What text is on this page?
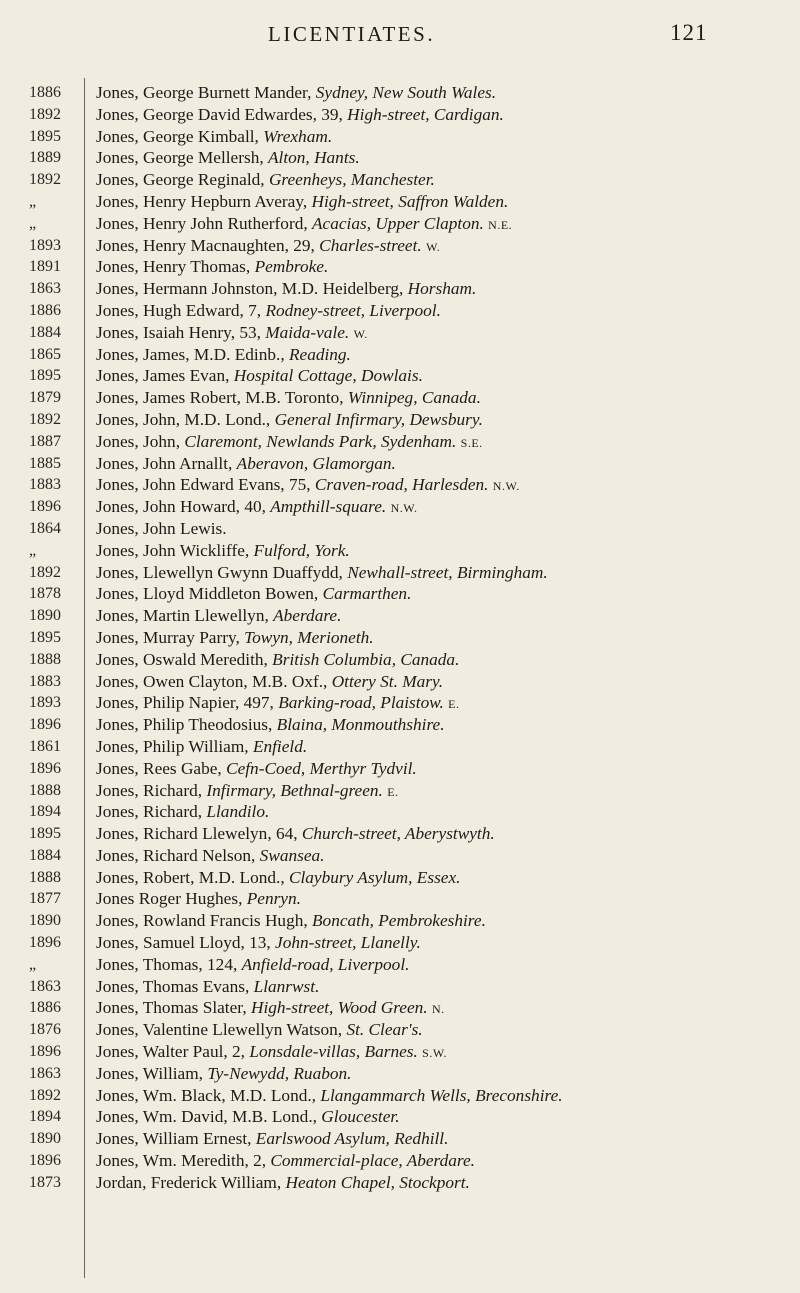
LICENTIATES.	121
1886	Jones, George Burnett Mander, Sydney, New South Wales.
1892	Jones, George David Edwardes, 39, High-street, Cardigan.
1895	Jones, George Kimball, Wrexham.
1889	Jones, George Mellersh, Alton, Hants.
1892	Jones, George Reginald, Greenheys, Manchester.
„	Jones, Henry Hepburn Averay, High-street, Saffron Walden.
„	Jones, Henry John Rutherford, Acacias, Upper Clapton. N.E.
1893	Jones, Henry Macnaughten, 29, Charles-street. W.
1891	Jones, Henry Thomas, Pembroke.
1863	Jones, Hermann Johnston, M.D. Heidelberg, Horsham.
1886	Jones, Hugh Edward, 7, Rodney-street, Liverpool.
1884	Jones, Isaiah Henry, 53, Maida-vale. W.
1865	Jones, James, M.D. Edinb., Reading.
1895	Jones, James Evan, Hospital Cottage, Dowlais.
1879	Jones, James Robert, M.B. Toronto, Winnipeg, Canada.
1892	Jones, John, M.D. Lond., General Infirmary, Dewsbury.
1887	Jones, John, Claremont, Newlands Park, Sydenham. S.E.
1885	Jones, John Arnallt, Aberavon, Glamorgan.
1883	Jones, John Edward Evans, 75, Craven-road, Harlesden. N.W.
1896	Jones, John Howard, 40, Ampthill-square. N.W.
1864	Jones, John Lewis.
„	Jones, John Wickliffe, Fulford, York.
1892	Jones, Llewellyn Gwynn Duaffydd, Newhall-street, Birmingham.
1878	Jones, Lloyd Middleton Bowen, Carmarthen.
1890	Jones, Martin Llewellyn, Aberdare.
1895	Jones, Murray Parry, Towyn, Merioneth.
1888	Jones, Oswald Meredith, British Columbia, Canada.
1883	Jones, Owen Clayton, M.B. Oxf., Ottery St. Mary.
1893	Jones, Philip Napier, 497, Barking-road, Plaistow. E.
1896	Jones, Philip Theodosius, Blaina, Monmouthshire.
1861	Jones, Philip William, Enfield.
1896	Jones, Rees Gabe, Cefn-Coed, Merthyr Tydvil.
1888	Jones, Richard, Infirmary, Bethnal-green. E.
1894	Jones, Richard, Llandilo.
1895	Jones, Richard Llewelyn, 64, Church-street, Aberystwyth.
1884	Jones, Richard Nelson, Swansea.
1888	Jones, Robert, M.D. Lond., Claybury Asylum, Essex.
1877	Jones Roger Hughes, Penryn.
1890	Jones, Rowland Francis Hugh, Boncath, Pembrokeshire.
1896	Jones, Samuel Lloyd, 13, John-street, Llanelly.
„	Jones, Thomas, 124, Anfield-road, Liverpool.
1863	Jones, Thomas Evans, Llanrwst.
1886	Jones, Thomas Slater, High-street, Wood Green. N.
1876	Jones, Valentine Llewellyn Watson, St. Clear's.
1896	Jones, Walter Paul, 2, Lonsdale-villas, Barnes. S.W.
1863	Jones, William, Ty-Newydd, Ruabon.
1892	Jones, Wm. Black, M.D. Lond., Llangammarch Wells, Breconshire.
1894	Jones, Wm. David, M.B. Lond., Gloucester.
1890	Jones, William Ernest, Earlswood Asylum, Redhill.
1896	Jones, Wm. Meredith, 2, Commercial-place, Aberdare.
1873	Jordan, Frederick William, Heaton Chapel, Stockport.
